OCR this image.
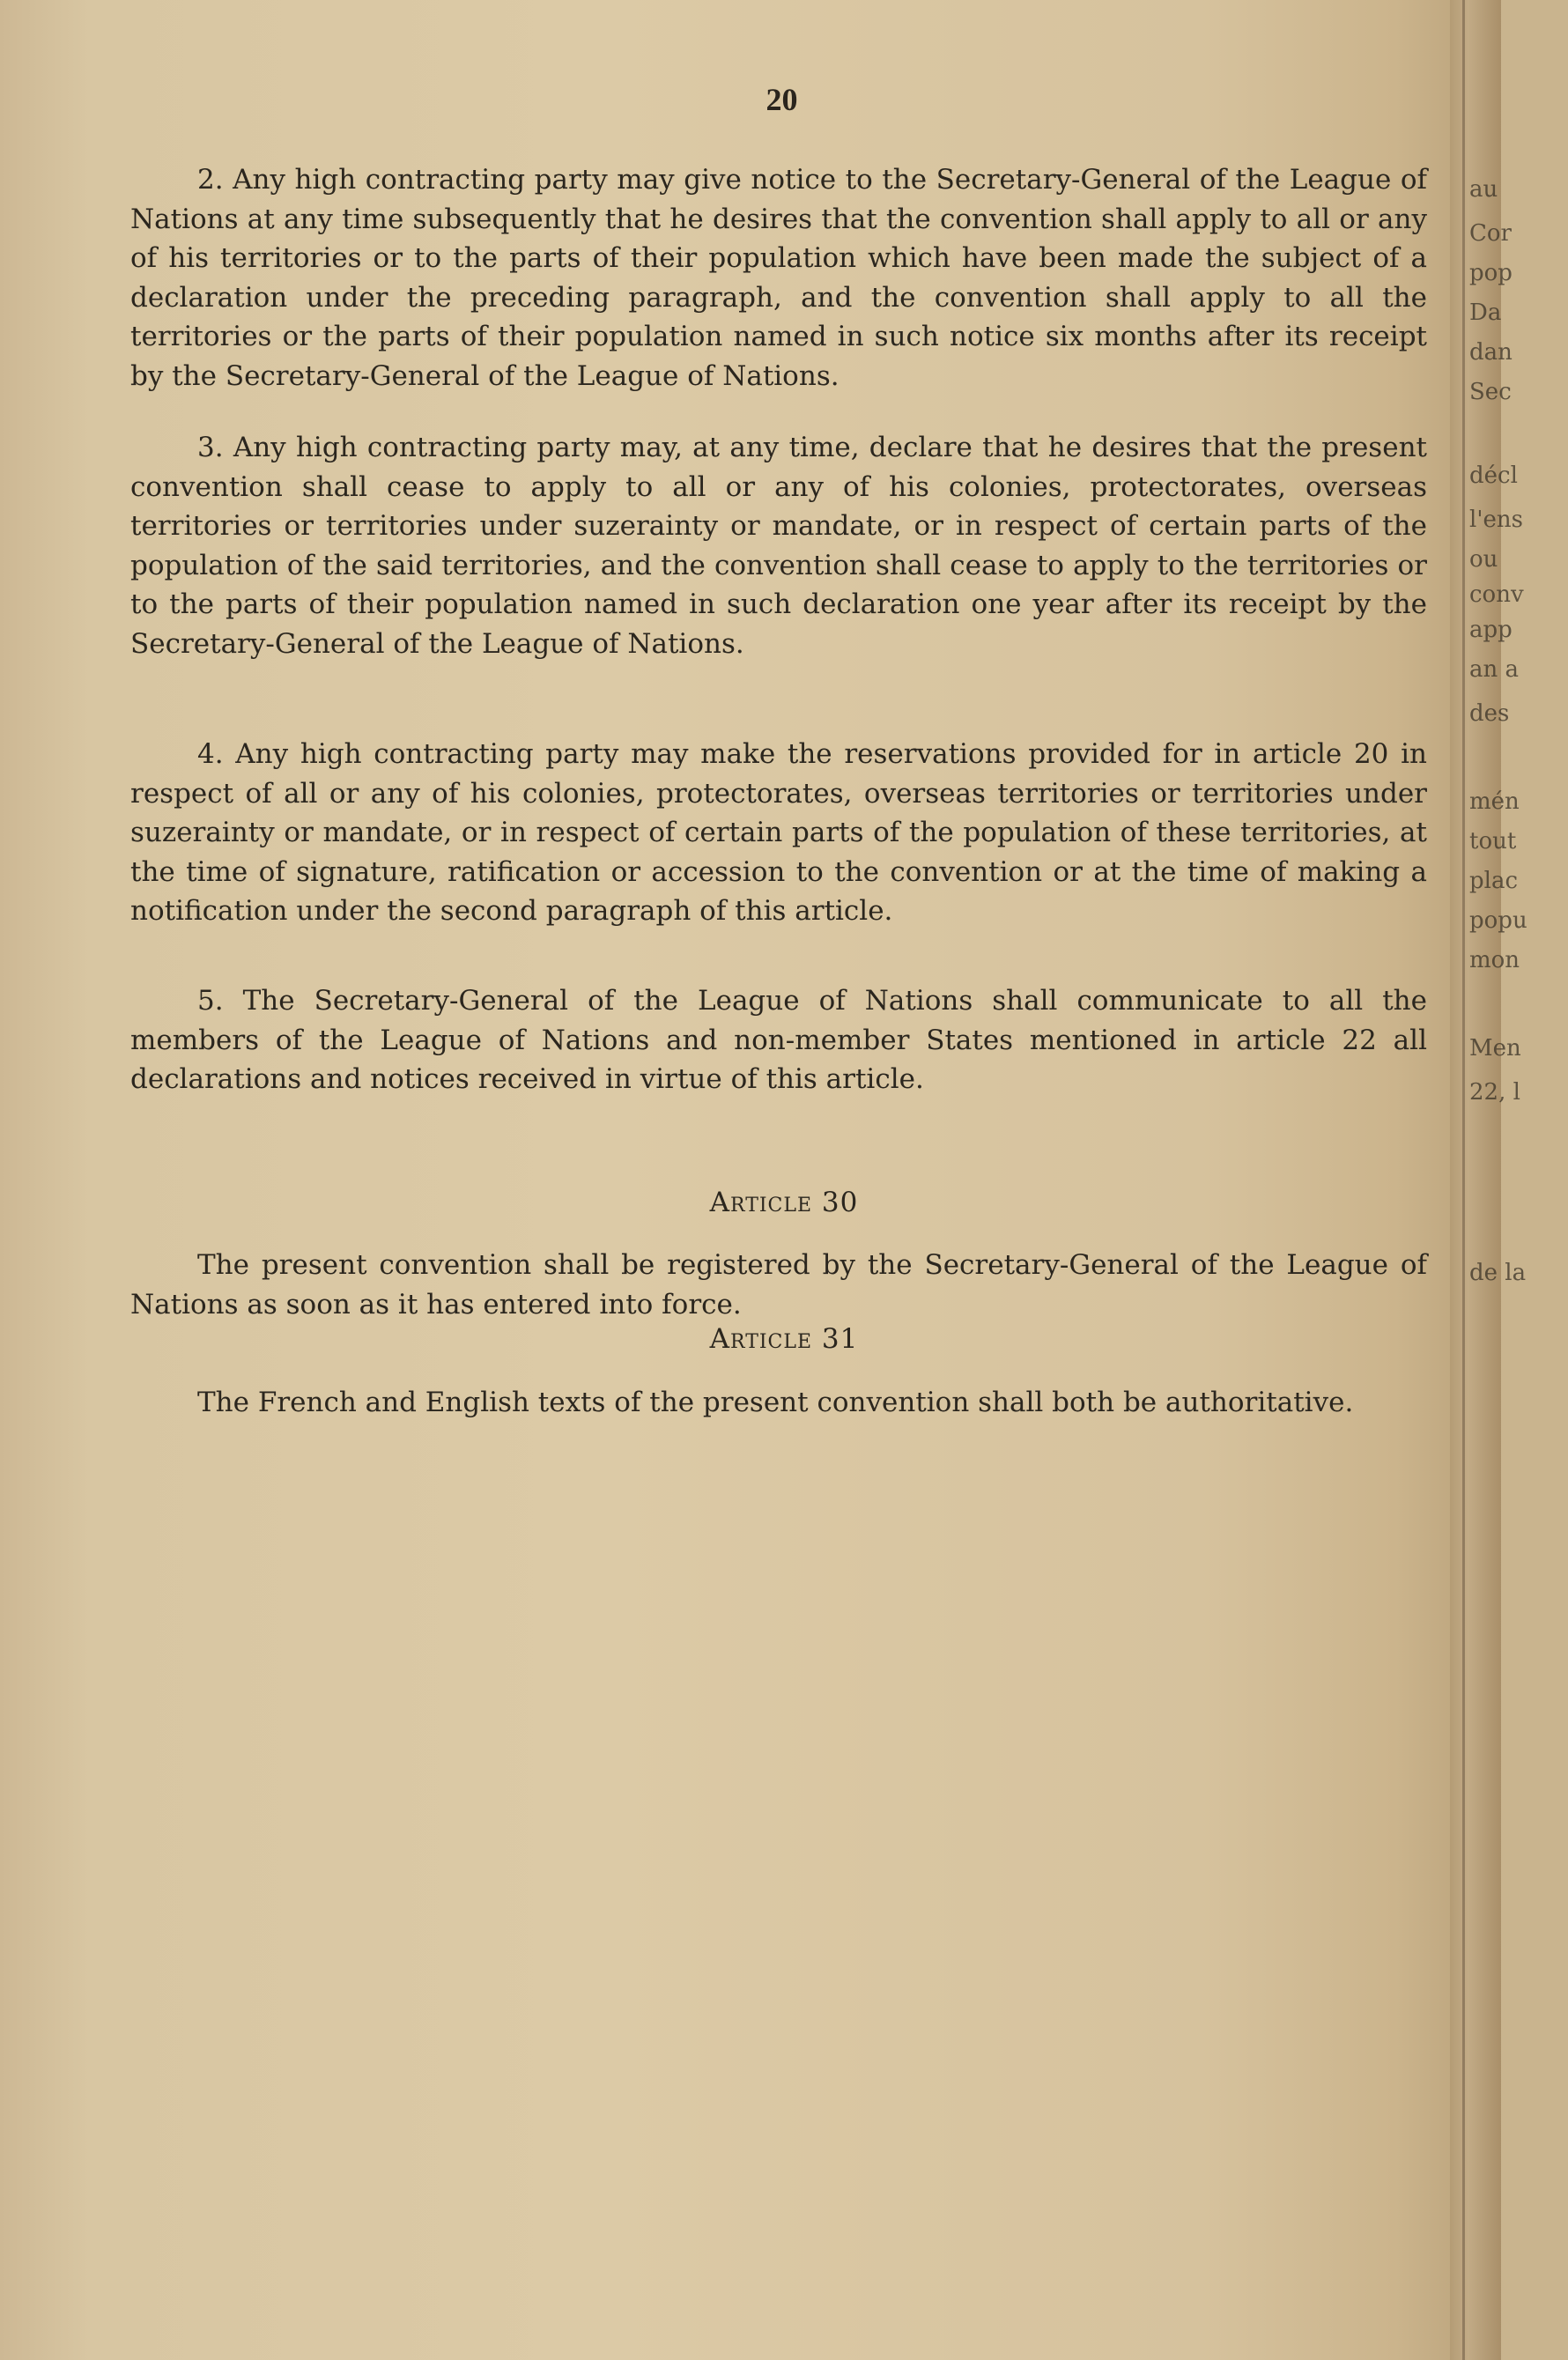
20

2. Any high contracting party may give notice to the Secretary-General of the League of Nations at any time subsequently that he desires that the convention shall apply to all or any of his territories or to the parts of their population which have been made the subject of a declaration under the preceding paragraph, and the convention shall apply to all the territories or the parts of their population named in such notice six months after its receipt by the Secretary-General of the League of Nations.

3. Any high contracting party may, at any time, declare that he desires that the present convention shall cease to apply to all or any of his colonies, protectorates, overseas territories or territories under suzerainty or mandate, or in respect of certain parts of the population of the said territories, and the convention shall cease to apply to the territories or to the parts of their population named in such declaration one year after its receipt by the Secretary-General of the League of Nations.

4. Any high contracting party may make the reservations provided for in article 20 in respect of all or any of his colonies, protectorates, overseas territories or territories under suzerainty or mandate, or in respect of certain parts of the population of these territories, at the time of signature, ratification or accession to the convention or at the time of making a notification under the second paragraph of this article.

5. The Secretary-General of the League of Nations shall communicate to all the members of the League of Nations and non-member States mentioned in article 22 all declarations and notices received in virtue of this article.

Article 30

The present convention shall be registered by the Secretary-General of the League of Nations as soon as it has entered into force.

Article 31

The French and English texts of the present convention shall both be authoritative.

au
Cor
pop
Da
dan
Sec
décl
l'ens
ou
conv
app
an a
des
mén
tout
plac
popu
mon
Men
22, l
de la
